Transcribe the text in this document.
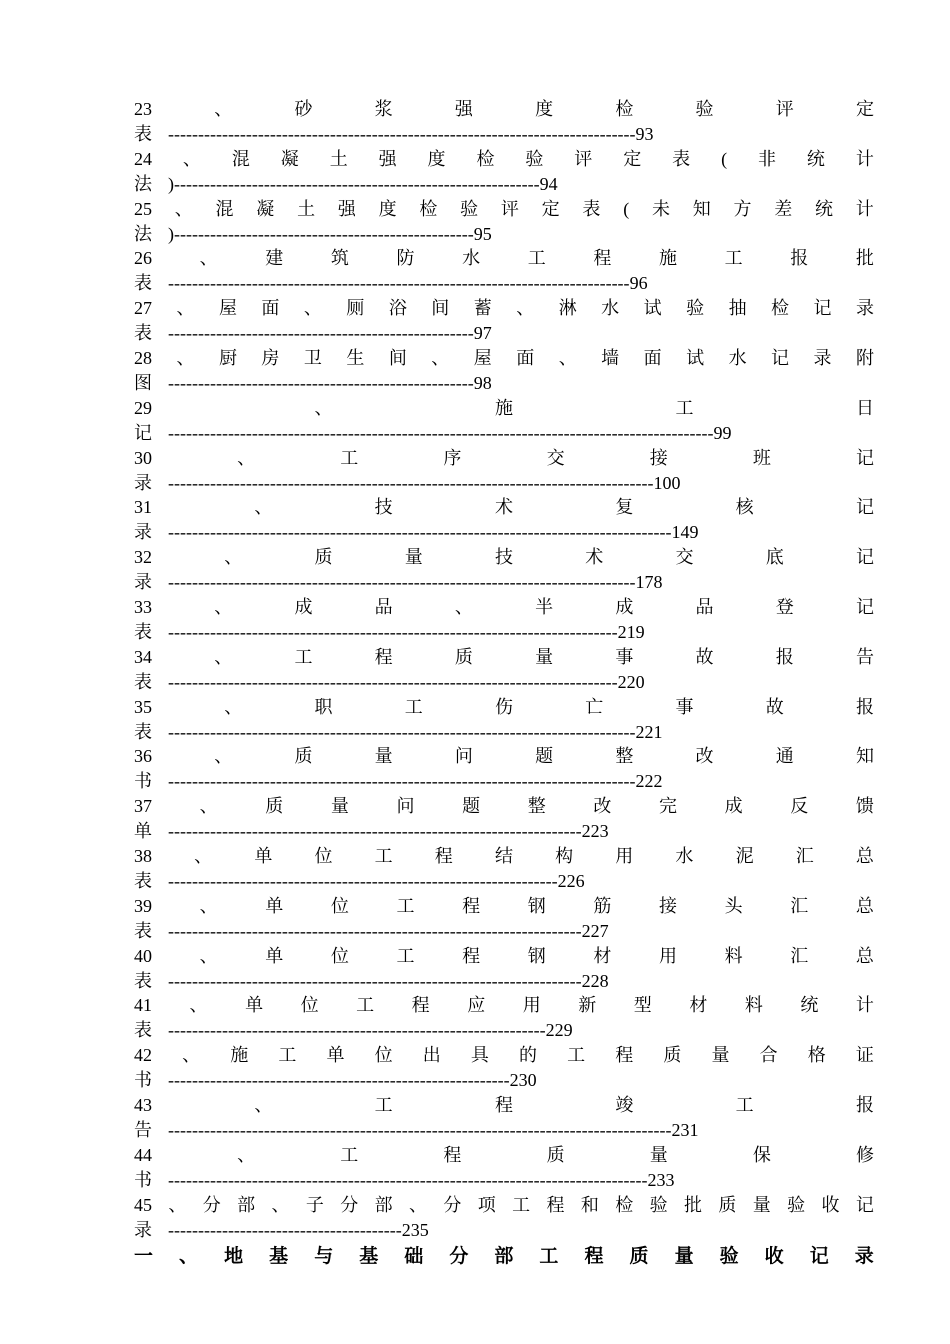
23	、	砂	浆	强	度	检	验	评	定
表 ------------------------------------------------------------------------------ 93
24 、 混 凝 土 强 度 检 验 评 定 表 ( 非 统 计
法 )------------------------------------------------------------- 94
25 、 混 凝 土 强 度 检 验 评 定 表 ( 未 知 方 差 统 计
法 )-------------------------------------------------- 95
26	、	建	筑	防	水	工	程	施	工	报	批
表 ----------------------------------------------------------------------------- 96
27 、 屋 面 、 厕 浴 间 蓄 、 淋 水 试 验 抽 检 记 录
表 --------------------------------------------------- 97
28 、 厨 房 卫 生 间 、 屋 面 、 墙 面 试 水 记 录 附
图 --------------------------------------------------- 98
29	、	施	工	日
记 ------------------------------------------------------------------------------------------- 99
30	、	工	序	交	接	班	记
录 --------------------------------------------------------------------------------- 100
31	、	技	术	复	核	记
录 ------------------------------------------------------------------------------------ 149
32	、	质	量	技	术	交	底	记
录 ------------------------------------------------------------------------------ 178
33	、	成	品	、	半	成	品	登	记
表 --------------------------------------------------------------------------- 219
34	、	工	程	质	量	事	故	报	告
表 --------------------------------------------------------------------------- 220
35	、	职	工	伤	亡	事	故	报
表 ------------------------------------------------------------------------------ 221
36	、	质	量	问	题	整	改	通	知
书 ------------------------------------------------------------------------------ 222
37	、	质	量	问	题	整	改	完	成	反	馈
单 --------------------------------------------------------------------- 223
38 、 单 位 工 程 结 构 用 水 泥 汇 总
表 ----------------------------------------------------------------- 226
39	、	单	位	工	程	钢	筋	接	头	汇	总
表 --------------------------------------------------------------------- 227
40	、	单	位	工	程	钢	材	用	料	汇	总
表 --------------------------------------------------------------------- 228
41 、 单 位 工 程 应 用 新 型 材 料 统 计
表 --------------------------------------------------------------- 229
42 、 施 工 单 位 出 具 的 工 程 质 量 合 格 证
书 --------------------------------------------------------- 230
43	、	工	程	竣	工	报
告 ------------------------------------------------------------------------------------ 231
44	、	工	程	质	量	保	修
书 -------------------------------------------------------------------------------- 233
45 、 分 部 、 子 分 部 、 分 项 工 程 和 检 验 批 质 量 验 收 记
录 --------------------------------------- 235
一 、 地 基 与 基 础 分 部 工 程 质 量 验 收 记 录
